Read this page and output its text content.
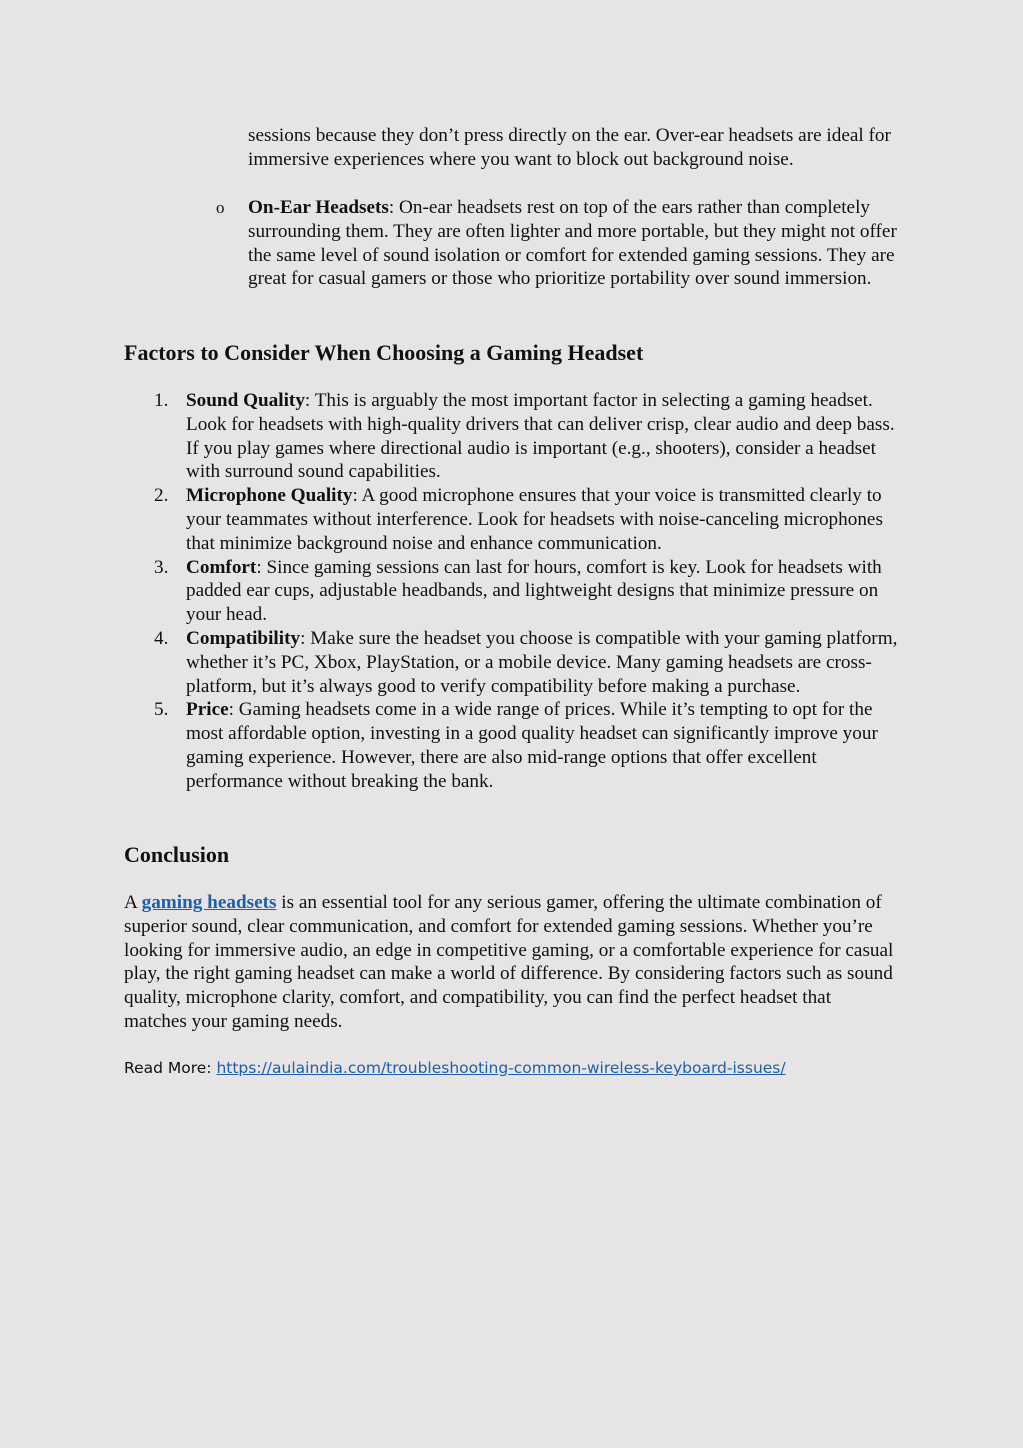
sessions because they don’t press directly on the ear. Over-ear headsets are ideal for immersive experiences where you want to block out background noise.

o On-Ear Headsets: On-ear headsets rest on top of the ears rather than completely surrounding them. They are often lighter and more portable, but they might not offer the same level of sound isolation or comfort for extended gaming sessions. They are great for casual gamers or those who prioritize portability over sound immersion.
Factors to Consider When Choosing a Gaming Headset
1. Sound Quality: This is arguably the most important factor in selecting a gaming headset. Look for headsets with high-quality drivers that can deliver crisp, clear audio and deep bass. If you play games where directional audio is important (e.g., shooters), consider a headset with surround sound capabilities.
2. Microphone Quality: A good microphone ensures that your voice is transmitted clearly to your teammates without interference. Look for headsets with noise-canceling microphones that minimize background noise and enhance communication.
3. Comfort: Since gaming sessions can last for hours, comfort is key. Look for headsets with padded ear cups, adjustable headbands, and lightweight designs that minimize pressure on your head.
4. Compatibility: Make sure the headset you choose is compatible with your gaming platform, whether it’s PC, Xbox, PlayStation, or a mobile device. Many gaming headsets are cross-platform, but it’s always good to verify compatibility before making a purchase.
5. Price: Gaming headsets come in a wide range of prices. While it’s tempting to opt for the most affordable option, investing in a good quality headset can significantly improve your gaming experience. However, there are also mid-range options that offer excellent performance without breaking the bank.
Conclusion

A gaming headsets is an essential tool for any serious gamer, offering the ultimate combination of superior sound, clear communication, and comfort for extended gaming sessions. Whether you’re looking for immersive audio, an edge in competitive gaming, or a comfortable experience for casual play, the right gaming headset can make a world of difference. By considering factors such as sound quality, microphone clarity, comfort, and compatibility, you can find the perfect headset that matches your gaming needs.

Read More: https://aulaindia.com/troubleshooting-common-wireless-keyboard-issues/
